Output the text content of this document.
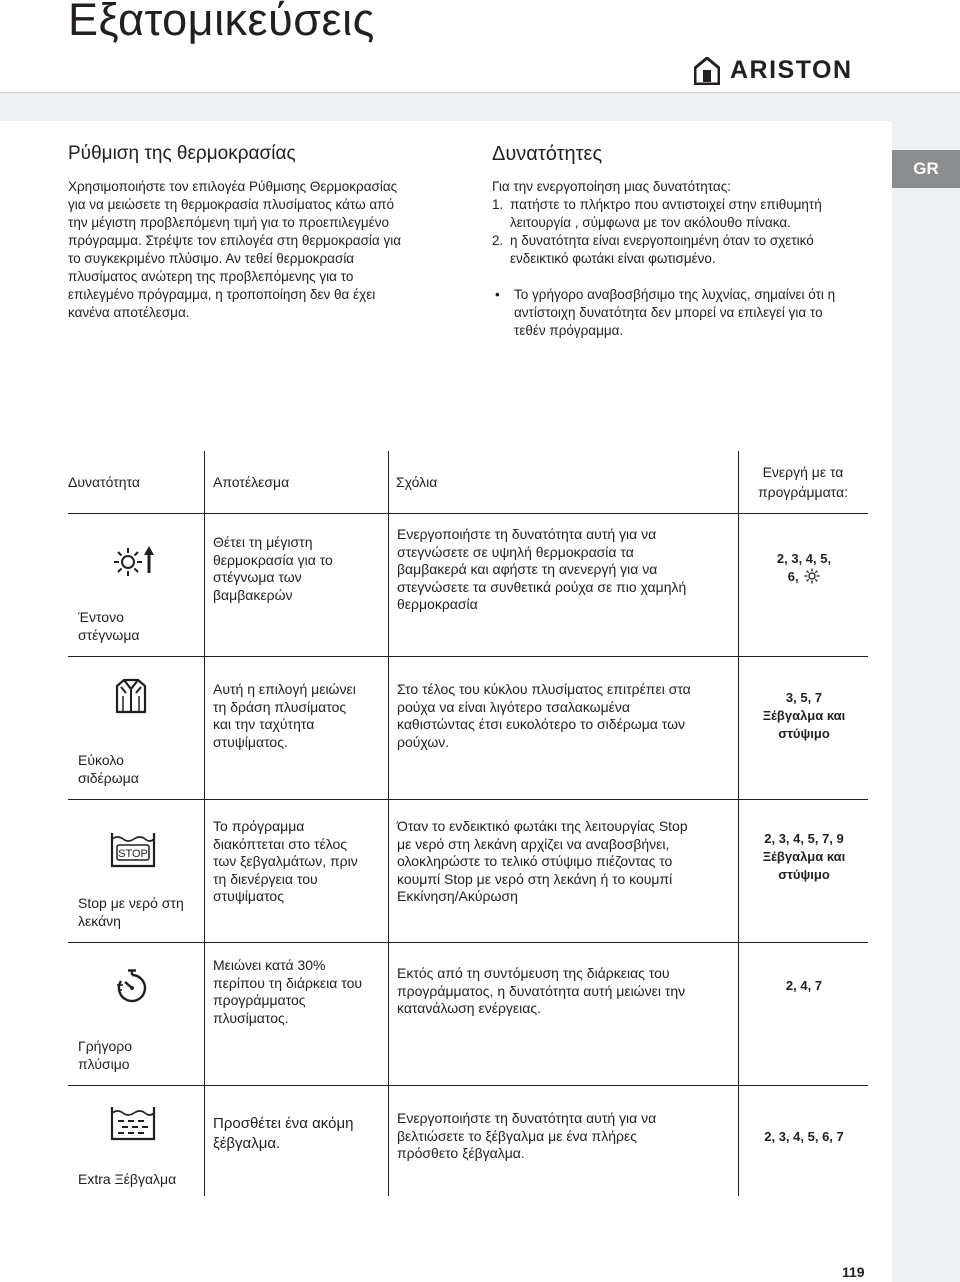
Εξατομικεύσεις
ARISTON
GR
Ρύθμιση της θερμοκρασίας
Χρησιμοποιήστε τον επιλογέα Ρύθμισης Θερμοκρασίας
για να μειώσετε τη θερμοκρασία πλυσίματος κάτω από
την μέγιστη προβλεπόμενη τιμή για το προεπιλεγμένο
πρόγραμμα. Στρέψτε τον επιλογέα στη θερμοκρασία για
το συγκεκριμένο πλύσιμο. Αν τεθεί θερμοκρασία
πλυσίματος ανώτερη της προβλεπόμενης για το
επιλεγμένο πρόγραμμα, η τροποποίηση δεν θα έχει
κανένα αποτέλεσμα.
Δυνατότητες

Για την ενεργοποίηση μιας δυνατότητας:

1. πατήστε το πλήκτρο που αντιστοιχεί στην επιθυμητή
λειτουργία , σύμφωνα με τον ακόλουθο πίνακα.
2. η δυνατότητα είναι ενεργοποιημένη όταν το σχετικό
ενδεικτικό φωτάκι είναι φωτισμένο.
• Το γρήγορο αναβοσβήσιμο της λυχνίας, σημαίνει ότι η
αντίστοιχη δυνατότητα δεν μπορεί να επιλεγεί για το
τεθέν πρόγραμμα.
Δυνατότητα	Αποτέλεσμα	Σχόλια
Ενεργή με τα
προγράμματα:
Έντονο
στέγνωμα
Θέτει τη μέγιστη
θερμοκρασία για το
στέγνωμα των
βαμβακερών
Ενεργοποιήστε τη δυνατότητα αυτή για να
στεγνώσετε σε υψηλή θερμοκρασία τα
βαμβακερά και αφήστε τη ανενεργή για να
στεγνώσετε τα συνθετικά ρούχα σε πιο χαμηλή
θερμοκρασία
2, 3, 4, 5,
6,
Εύκολο
σιδέρωμα
Αυτή η επιλογή μειώνει
τη δράση πλυσίματος
και την ταχύτητα
στυψίματος.
Στο τέλος του κύκλου πλυσίματος επιτρέπει στα
ρούχα να είναι λιγότερο τσαλακωμένα
καθιστώντας έτσι ευκολότερο το σιδέρωμα των
ρούχων.
3, 5, 7
Ξέβγαλμα και
στύψιμο
STOP
Stop με νερό στη
λεκάνη
Το πρόγραμμα
διακόπτεται στο τέλος
των ξεβγαλμάτων, πριν
τη διενέργεια του
στυψίματος
Όταν το ενδεικτικό φωτάκι της λειτουργίας Stop
με νερό στη λεκάνη αρχίζει να αναβοσβήνει,
ολοκληρώστε το τελικό στύψιμο πιέζοντας το
κουμπί Stop με νερό στη λεκάνη ή το κουμπί
Εκκίνηση/Ακύρωση
2, 3, 4, 5, 7, 9
Ξέβγαλμα και
στύψιμο
Γρήγορο
πλύσιμο
Μειώνει κατά 30%
περίπου τη διάρκεια του
προγράμματος
πλυσίματος.
Εκτός από τη συντόμευση της διάρκειας του
προγράμματος, η δυνατότητα αυτή μειώνει την
κατανάλωση ενέργειας.
2, 4, 7
Extra Ξέβγαλμα
Προσθέτει ένα ακόμη
ξέβγαλμα.
Ενεργοποιήστε τη δυνατότητα αυτή για να
βελτιώσετε το ξέβγαλμα με ένα πλήρες
πρόσθετο ξέβγαλμα.
2, 3, 4, 5, 6, 7
119
